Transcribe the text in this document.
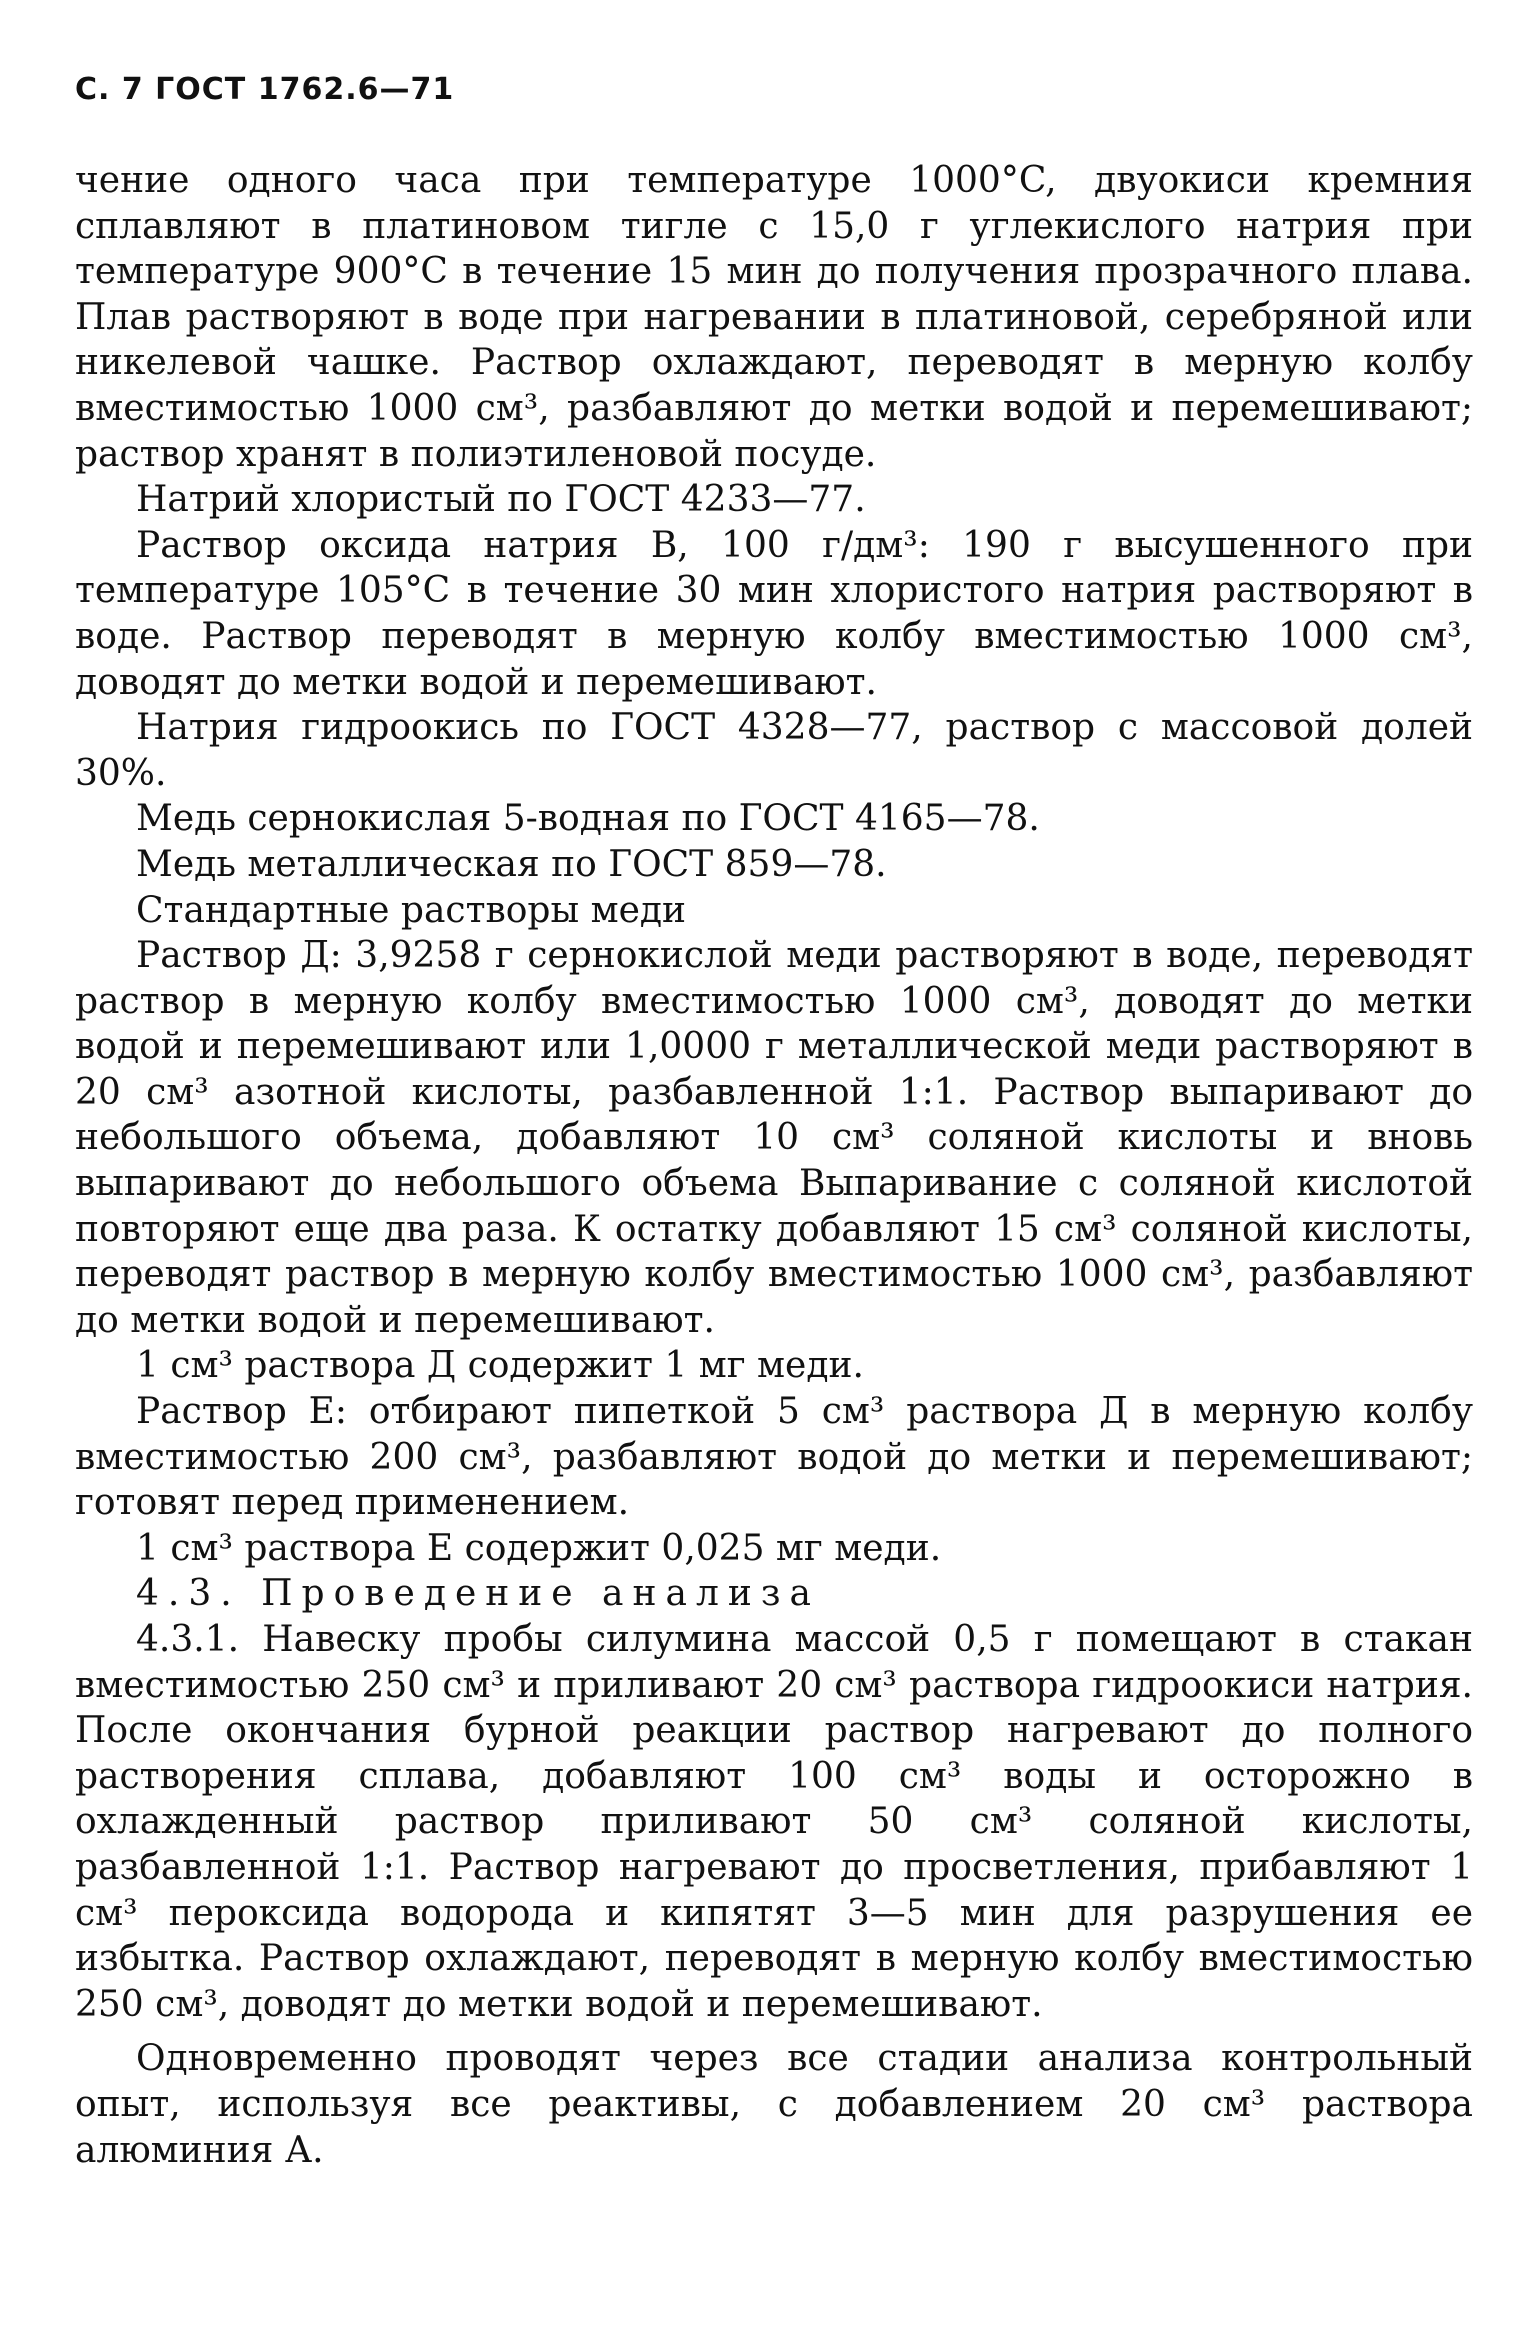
С. 7 ГОСТ 1762.6—71

чение одного часа при температуре 1000°C, двуокиси кремния сплавляют в платиновом тигле с 15,0 г углекислого натрия при температуре 900°C в течение 15 мин до получения прозрачного плава. Плав растворяют в воде при нагревании в платиновой, серебряной или никелевой чашке. Раствор охлаждают, переводят в мерную колбу вместимостью 1000 см³, разбавляют до метки водой и перемешивают; раствор хранят в полиэтиленовой посуде.

Натрий хлористый по ГОСТ 4233—77.

Раствор оксида натрия В, 100 г/дм³: 190 г высушенного при температуре 105°C в течение 30 мин хлористого натрия растворяют в воде. Раствор переводят в мерную колбу вместимостью 1000 см³, доводят до метки водой и перемешивают.

Натрия гидроокись по ГОСТ 4328—77, раствор с массовой долей 30%.

Медь сернокислая 5-водная по ГОСТ 4165—78.

Медь металлическая по ГОСТ 859—78.

Стандартные растворы меди

Раствор Д: 3,9258 г сернокислой меди растворяют в воде, переводят раствор в мерную колбу вместимостью 1000 см³, доводят до метки водой и перемешивают или 1,0000 г металлической меди растворяют в 20 см³ азотной кислоты, разбавленной 1:1. Раствор выпаривают до небольшого объема, добавляют 10 см³ соляной кислоты и вновь выпаривают до небольшого объема Выпаривание с соляной кислотой повторяют еще два раза. К остатку добавляют 15 см³ соляной кислоты, переводят раствор в мерную колбу вместимостью 1000 см³, разбавляют до метки водой и перемешивают.

1 см³ раствора Д содержит 1 мг меди.

Раствор Е: отбирают пипеткой 5 см³ раствора Д в мерную колбу вместимостью 200 см³, разбавляют водой до метки и перемешивают; готовят перед применением.

1 см³ раствора Е содержит 0,025 мг меди.

4.3. Проведение анализа

4.3.1. Навеску пробы силумина массой 0,5 г помещают в стакан вместимостью 250 см³ и приливают 20 см³ раствора гидроокиси натрия. После окончания бурной реакции раствор нагревают до полного растворения сплава, добавляют 100 см³ воды и осторожно в охлажденный раствор приливают 50 см³ соляной кислоты, разбавленной 1:1. Раствор нагревают до просветления, прибавляют 1 см³ пероксида водорода и кипятят 3—5 мин для разрушения ее избытка. Раствор охлаждают, переводят в мерную колбу вместимостью 250 см³, доводят до метки водой и перемешивают.

Одновременно проводят через все стадии анализа контрольный опыт, используя все реактивы, с добавлением 20 см³ раствора алюминия А.
